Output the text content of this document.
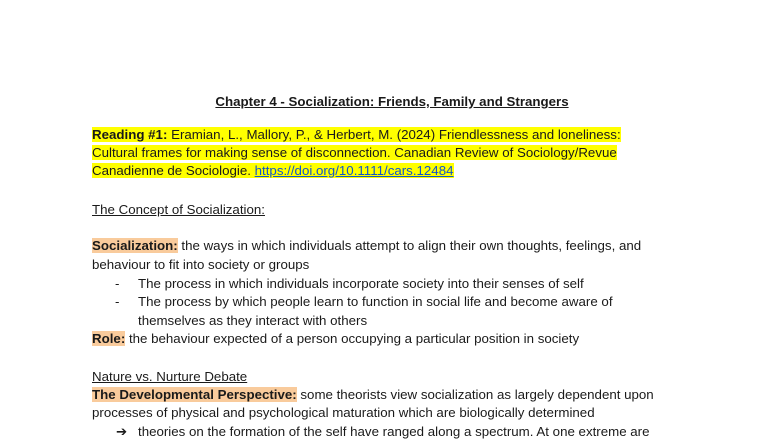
Chapter 4 - Socialization: Friends, Family and Strangers
Reading #1: Eramian, L., Mallory, P., & Herbert, M. (2024) Friendlessness and loneliness:
Cultural frames for making sense of disconnection. Canadian Review of Sociology/Revue
Canadienne de Sociologie. https://doi.org/10.1111/cars.12484
The Concept of Socialization:
Socialization: the ways in which individuals attempt to align their own thoughts, feelings, and
behaviour to fit into society or groups
- The process in which individuals incorporate society into their senses of self
- The process by which people learn to function in social life and become aware of
themselves as they interact with others
Role: the behaviour expected of a person occupying a particular position in society
Nature vs. Nurture Debate
The Developmental Perspective: some theorists view socialization as largely dependent upon
processes of physical and psychological maturation which are biologically determined
➔ theories on the formation of the self have ranged along a spectrum. At one extreme are
